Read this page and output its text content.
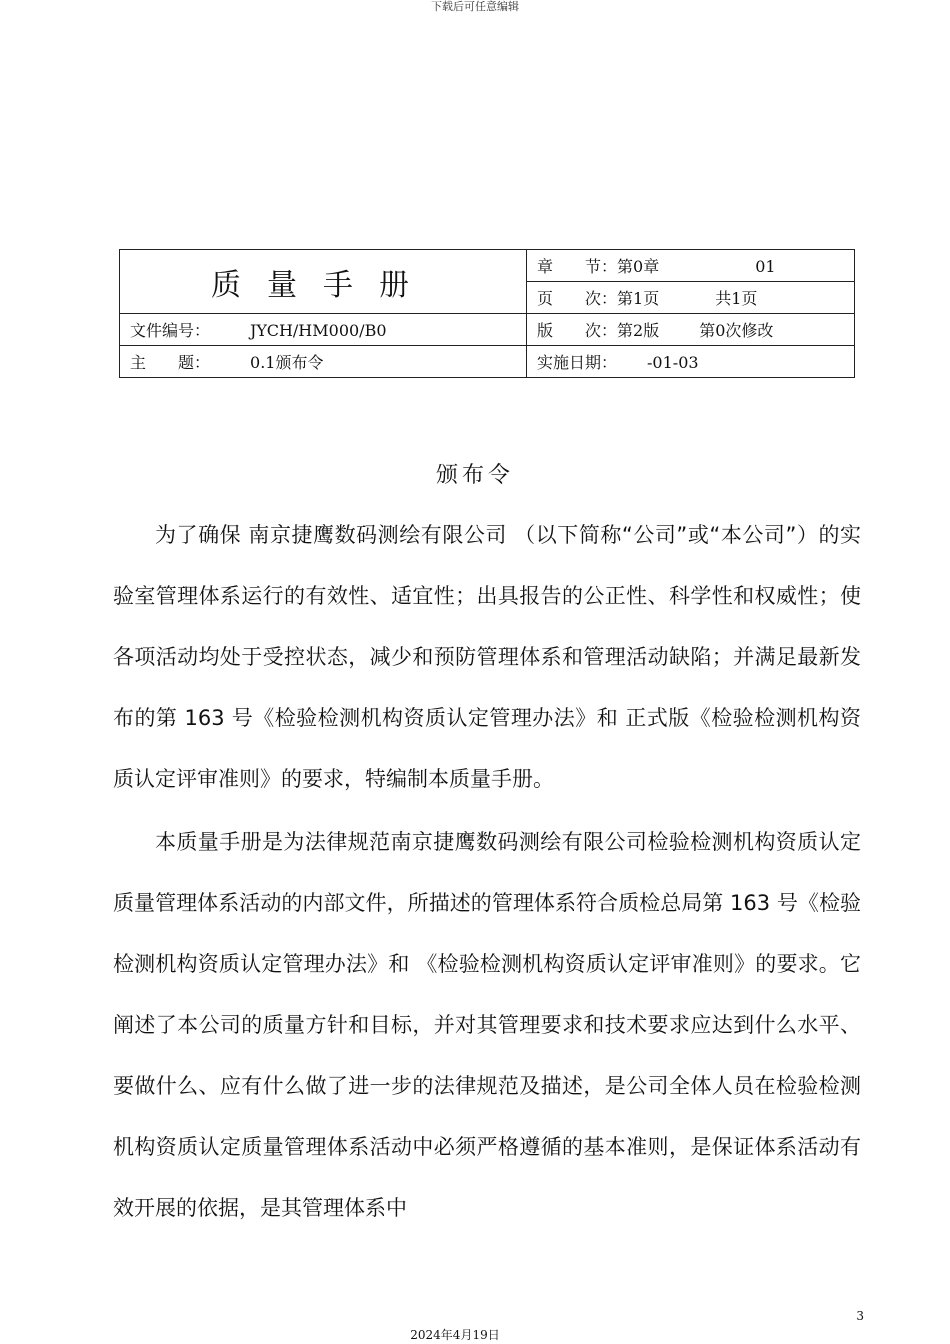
下载后可任意编辑
质量手册	章　　节：第0章 01
	页　　次：第1页 共1页
文件编号： JYCH/HM000/B0	版　　次：第2版 第0次修改
主　　题： 0.1颁布令	实施日期： -01-03
颁布令

为了确保 南京捷鹰数码测绘有限公司 （以下简称“公司”或“本公司”）的实验室管理体系运行的有效性、适宜性；出具报告的公正性、科学性和权威性；使各项活动均处于受控状态，减少和预防管理体系和管理活动缺陷；并满足最新发布的第 163 号《检验检测机构资质认定管理办法》和 正式版《检验检测机构资质认定评审准则》的要求，特编制本质量手册。

本质量手册是为法律规范南京捷鹰数码测绘有限公司检验检测机构资质认定质量管理体系活动的内部文件，所描述的管理体系符合质检总局第 163 号《检验检测机构资质认定管理办法》和 《检验检测机构资质认定评审准则》的要求。它阐述了本公司的质量方针和目标，并对其管理要求和技术要求应达到什么水平、要做什么、应有什么做了进一步的法律规范及描述，是公司全体人员在检验检测机构资质认定质量管理体系活动中必须严格遵循的基本准则，是保证体系活动有效开展的依据，是其管理体系中

3
2024年4月19日
